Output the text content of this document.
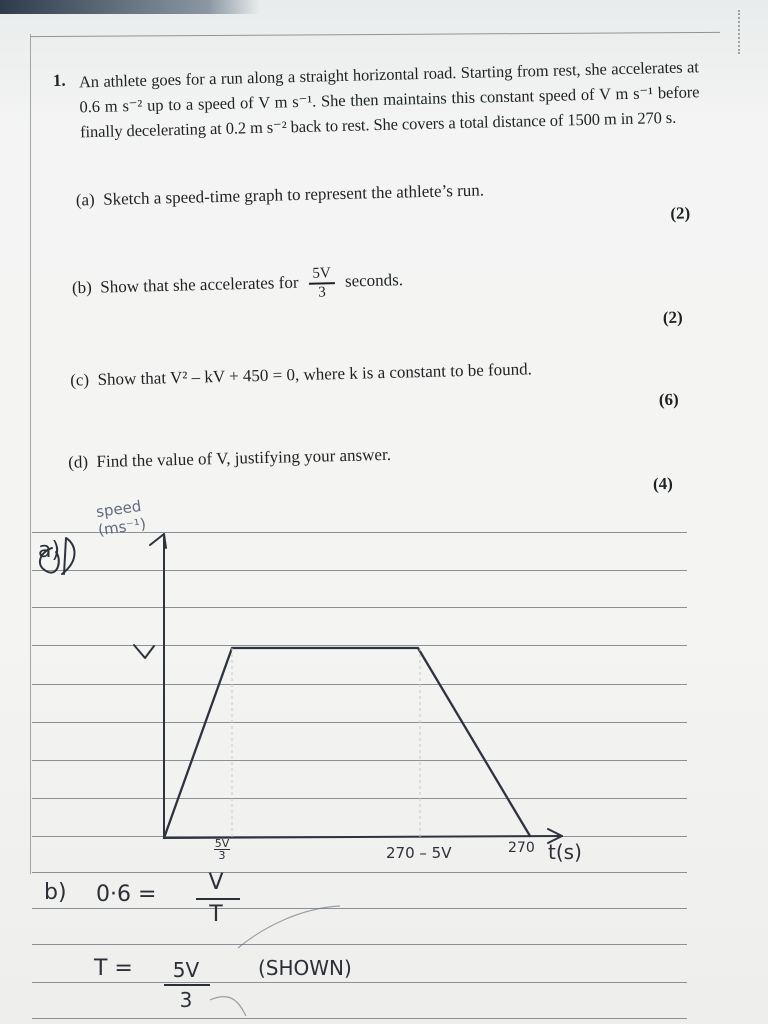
1. An athlete goes for a run along a straight horizontal road. Starting from rest, she accelerates at 0.6 m s⁻² up to a speed of V m s⁻¹. She then maintains this constant speed of V m s⁻¹ before finally decelerating at 0.2 m s⁻² back to rest. She covers a total distance of 1500 m in 270 s.
(a) Sketch a speed-time graph to represent the athlete’s run.
(2)
(b) Show that she accelerates for $\frac{5V}{3}$ seconds.
(2)
(c) Show that V² – kV + 450 = 0, where k is a constant to be found.
(6)
(d) Find the value of V, justifying your answer.
(4)
speed
(ms⁻¹)
a)
5V
3	270 – 5V	270 t(s)
b) 0·6 =	V
T
T =	5V
3
(SHOWN)
